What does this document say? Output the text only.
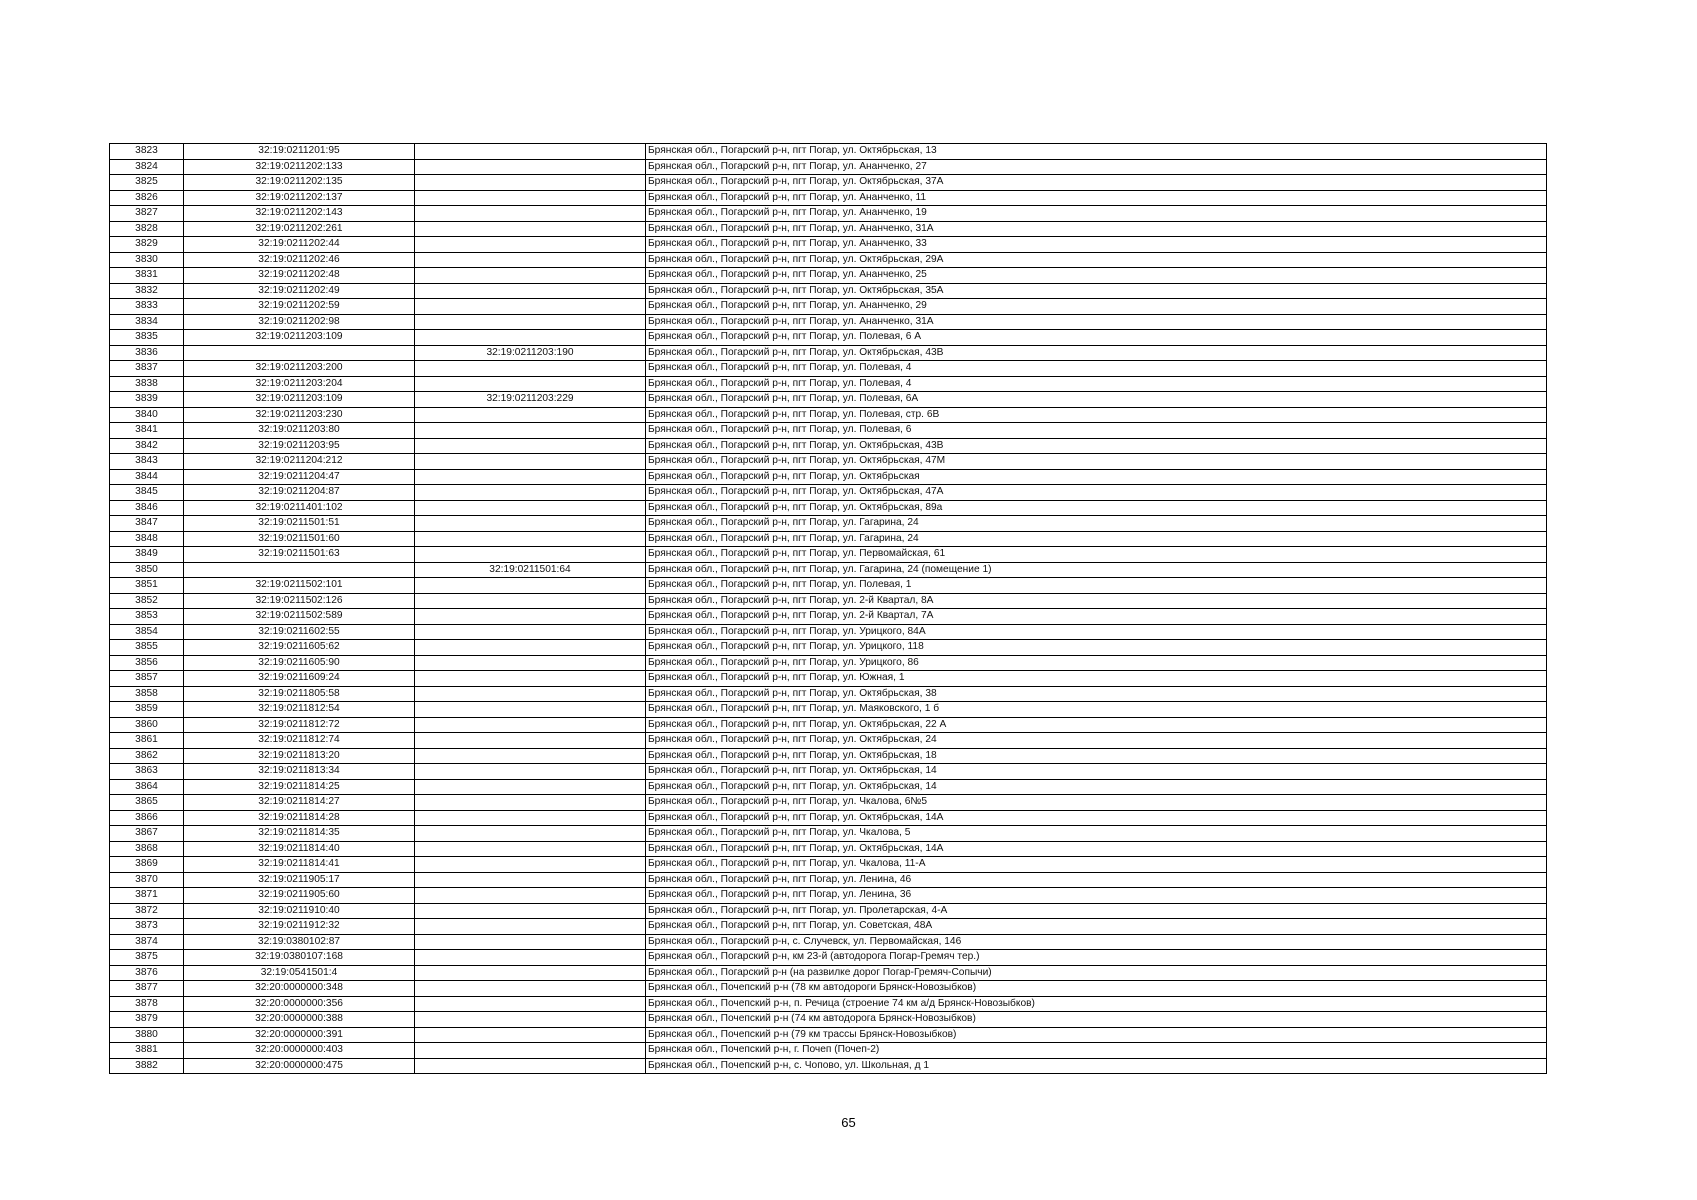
3823	32:19:0211201:95		Брянская обл., Погарский р-н, пгт Погар, ул. Октябрьская, 13
3824	32:19:0211202:133		Брянская обл., Погарский р-н, пгт Погар, ул. Ананченко, 27
3825	32:19:0211202:135		Брянская обл., Погарский р-н, пгт Погар, ул. Октябрьская, 37А
3826	32:19:0211202:137		Брянская обл., Погарский р-н, пгт Погар, ул. Ананченко, 11
3827	32:19:0211202:143		Брянская обл., Погарский р-н, пгт Погар, ул. Ананченко, 19
3828	32:19:0211202:261		Брянская обл., Погарский р-н, пгт Погар, ул. Ананченко, 31А
3829	32:19:0211202:44		Брянская обл., Погарский р-н, пгт Погар, ул. Ананченко, 33
3830	32:19:0211202:46		Брянская обл., Погарский р-н, пгт Погар, ул. Октябрьская, 29А
3831	32:19:0211202:48		Брянская обл., Погарский р-н, пгт Погар, ул. Ананченко, 25
3832	32:19:0211202:49		Брянская обл., Погарский р-н, пгт Погар, ул. Октябрьская, 35А
3833	32:19:0211202:59		Брянская обл., Погарский р-н, пгт Погар, ул. Ананченко, 29
3834	32:19:0211202:98		Брянская обл., Погарский р-н, пгт Погар, ул. Ананченко, 31А
3835	32:19:0211203:109		Брянская обл., Погарский р-н, пгт Погар, ул. Полевая, 6 А
3836		32:19:0211203:190	Брянская обл., Погарский р-н, пгт Погар, ул. Октябрьская, 43В
3837	32:19:0211203:200		Брянская обл., Погарский р-н, пгт Погар, ул. Полевая, 4
3838	32:19:0211203:204		Брянская обл., Погарский р-н, пгт Погар, ул. Полевая, 4
3839	32:19:0211203:109	32:19:0211203:229	Брянская обл., Погарский р-н, пгт Погар, ул. Полевая, 6А
3840	32:19:0211203:230		Брянская обл., Погарский р-н, пгт Погар, ул. Полевая, стр. 6В
3841	32:19:0211203:80		Брянская обл., Погарский р-н, пгт Погар, ул. Полевая, 6
3842	32:19:0211203:95		Брянская обл., Погарский р-н, пгт Погар, ул. Октябрьская, 43В
3843	32:19:0211204:212		Брянская обл., Погарский р-н, пгт Погар, ул. Октябрьская, 47М
3844	32:19:0211204:47		Брянская обл., Погарский р-н, пгт Погар, ул. Октябрьская
3845	32:19:0211204:87		Брянская обл., Погарский р-н, пгт Погар, ул. Октябрьская, 47А
3846	32:19:0211401:102		Брянская обл., Погарский р-н, пгт Погар, ул. Октябрьская, 89а
3847	32:19:0211501:51		Брянская обл., Погарский р-н, пгт Погар, ул. Гагарина, 24
3848	32:19:0211501:60		Брянская обл., Погарский р-н, пгт Погар, ул. Гагарина, 24
3849	32:19:0211501:63		Брянская обл., Погарский р-н, пгт Погар, ул. Первомайская, 61
3850		32:19:0211501:64	Брянская обл., Погарский р-н, пгт Погар, ул. Гагарина, 24 (помещение 1)
3851	32:19:0211502:101		Брянская обл., Погарский р-н, пгт Погар, ул. Полевая, 1
3852	32:19:0211502:126		Брянская обл., Погарский р-н, пгт Погар, ул. 2-й Квартал, 8А
3853	32:19:0211502:589		Брянская обл., Погарский р-н, пгт Погар, ул. 2-й Квартал, 7А
3854	32:19:0211602:55		Брянская обл., Погарский р-н, пгт Погар, ул. Урицкого, 84А
3855	32:19:0211605:62		Брянская обл., Погарский р-н, пгт Погар, ул. Урицкого, 118
3856	32:19:0211605:90		Брянская обл., Погарский р-н, пгт Погар, ул. Урицкого, 86
3857	32:19:0211609:24		Брянская обл., Погарский р-н, пгт Погар, ул. Южная, 1
3858	32:19:0211805:58		Брянская обл., Погарский р-н, пгт Погар, ул. Октябрьская, 38
3859	32:19:0211812:54		Брянская обл., Погарский р-н, пгт Погар, ул. Маяковского, 1 б
3860	32:19:0211812:72		Брянская обл., Погарский р-н, пгт Погар, ул. Октябрьская, 22 А
3861	32:19:0211812:74		Брянская обл., Погарский р-н, пгт Погар, ул. Октябрьская, 24
3862	32:19:0211813:20		Брянская обл., Погарский р-н, пгт Погар, ул. Октябрьская, 18
3863	32:19:0211813:34		Брянская обл., Погарский р-н, пгт Погар, ул. Октябрьская, 14
3864	32:19:0211814:25		Брянская обл., Погарский р-н, пгт Погар, ул. Октябрьская, 14
3865	32:19:0211814:27		Брянская обл., Погарский р-н, пгт Погар, ул. Чкалова, 6№5
3866	32:19:0211814:28		Брянская обл., Погарский р-н, пгт Погар, ул. Октябрьская, 14А
3867	32:19:0211814:35		Брянская обл., Погарский р-н, пгт Погар, ул. Чкалова, 5
3868	32:19:0211814:40		Брянская обл., Погарский р-н, пгт Погар, ул. Октябрьская, 14А
3869	32:19:0211814:41		Брянская обл., Погарский р-н, пгт Погар, ул. Чкалова, 11-А
3870	32:19:0211905:17		Брянская обл., Погарский р-н, пгт Погар, ул. Ленина, 46
3871	32:19:0211905:60		Брянская обл., Погарский р-н, пгт Погар, ул. Ленина, 36
3872	32:19:0211910:40		Брянская обл., Погарский р-н, пгт Погар, ул. Пролетарская, 4-А
3873	32:19:0211912:32		Брянская обл., Погарский р-н, пгт Погар, ул. Советская, 48А
3874	32:19:0380102:87		Брянская обл., Погарский р-н, с. Случевск, ул. Первомайская, 146
3875	32:19:0380107:168		Брянская обл., Погарский р-н, км 23-й (автодорога Погар-Гремяч тер.)
3876	32:19:0541501:4		Брянская обл., Погарский р-н (на развилке дорог Погар-Гремяч-Сопычи)
3877	32:20:0000000:348		Брянская обл., Почепский р-н (78 км автодороги Брянск-Новозыбков)
3878	32:20:0000000:356		Брянская обл., Почепский р-н, п. Речица (строение 74 км а/д Брянск-Новозыбков)
3879	32:20:0000000:388		Брянская обл., Почепский р-н (74 км автодорога Брянск-Новозыбков)
3880	32:20:0000000:391		Брянская обл., Почепский р-н (79 км трассы Брянск-Новозыбков)
3881	32:20:0000000:403		Брянская обл., Почепский р-н, г. Почеп (Почеп-2)
3882	32:20:0000000:475		Брянская обл., Почепский р-н, с. Чопово, ул. Школьная, д 1
65
